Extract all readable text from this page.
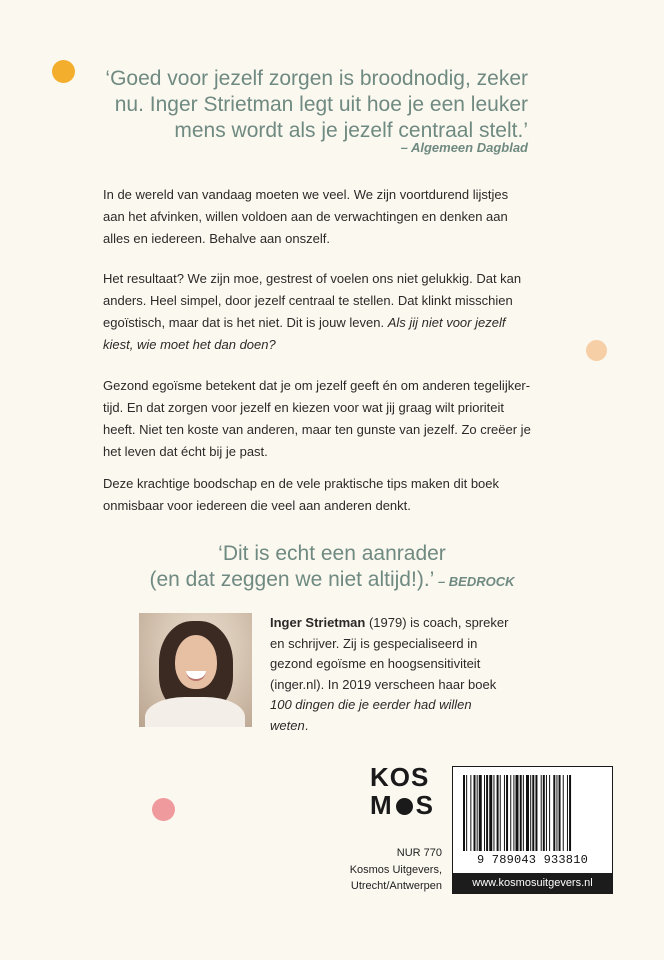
‘Goed voor jezelf zorgen is broodnodig, zeker
nu. Inger Strietman legt uit hoe je een leuker
mens wordt als je jezelf centraal stelt.’
– Algemeen Dagblad
In de wereld van vandaag moeten we veel. We zijn voortdurend lijstjes
aan het afvinken, willen voldoen aan de verwachtingen en denken aan
alles en iedereen. Behalve aan onszelf.
Het resultaat? We zijn moe, gestrest of voelen ons niet gelukkig. Dat kan
anders. Heel simpel, door jezelf centraal te stellen. Dat klinkt misschien
egoïstisch, maar dat is het niet. Dit is jouw leven. Als jij niet voor jezelf
kiest, wie moet het dan doen?
Gezond egoïsme betekent dat je om jezelf geeft én om anderen tegelijker-
tijd. En dat zorgen voor jezelf en kiezen voor wat jij graag wilt prioriteit
heeft. Niet ten koste van anderen, maar ten gunste van jezelf. Zo creëer je
het leven dat écht bij je past.
Deze krachtige boodschap en de vele praktische tips maken dit boek
onmisbaar voor iedereen die veel aan anderen denkt.
‘Dit is echt een aanrader
(en dat zeggen we niet altijd!).’ – BEDROCK
Inger Strietman (1979) is coach, spreker
en schrijver. Zij is gespecialiseerd in
gezond egoïsme en hoogsensitiviteit
(inger.nl). In 2019 verscheen haar boek
100 dingen die je eerder had willen
weten.
KOS
M S
NUR 770
Kosmos Uitgevers,
Utrecht/Antwerpen
9 789043 933810
www.kosmosuitgevers.nl
